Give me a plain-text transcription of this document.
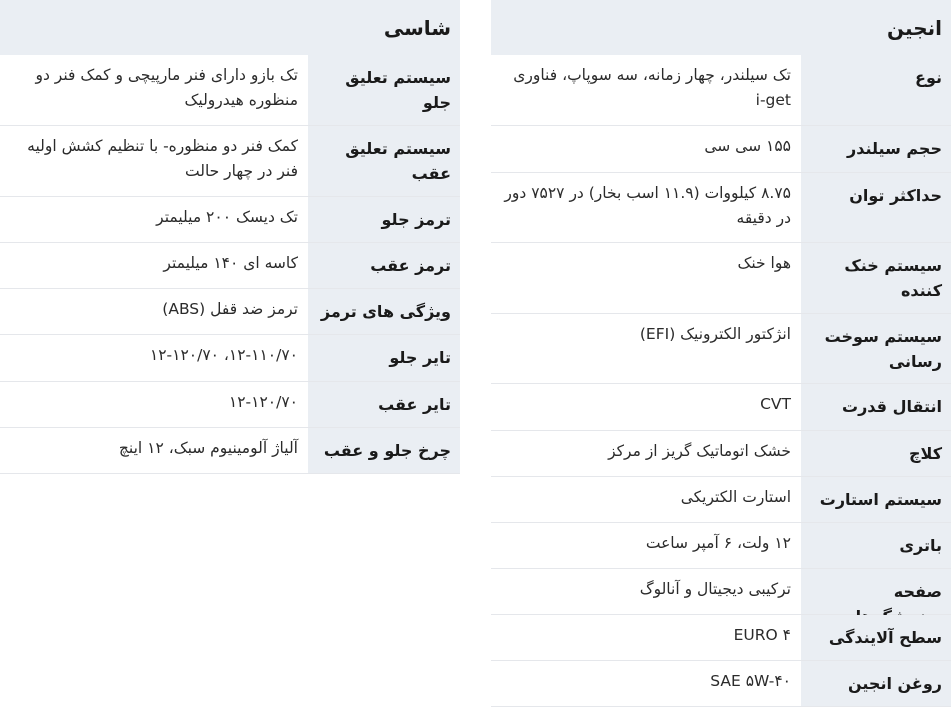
انجین
نوع
تک سیلندر، چهار زمانه، سه سوپاپ، فناوری i-get
حجم سیلندر
۱۵۵ سی سی
حداکثر توان
۸.۷۵ کیلووات (۱۱.۹ اسب بخار) در ۷۵۲۷ دور در دقیقه
سیستم خنک کننده
هوا خنک
سیستم سوخت رسانی
انژکتور الکترونیک (EFI)
انتقال قدرت
CVT
کلاچ
خشک اتوماتیک گریز از مرکز
سیستم استارت
استارت الکتریکی
باتری
۱۲ ولت، ۶ آمپر ساعت
صفحه
ترکیبی دیجیتال و آنالوگ
سطح آلایندگی
EURO ۴
روغن انجین
SAE ۵W-۴۰
شاسی
سیستم تعلیق جلو
تک بازو دارای فنر مارپیچی و کمک فنر دو منظوره هیدرولیک
سیستم تعلیق عقب
کمک فنر دو منظوره- با تنظیم کشش اولیه فنر در چهار حالت
ترمز جلو
تک دیسک ۲۰۰ میلیمتر
ترمز عقب
کاسه ای ۱۴۰ میلیمتر
ویژگی های ترمز
ترمز ضد قفل (ABS)
تایر جلو
۱۲-۱۱۰/۷۰، ۱۲-۱۲۰/۷۰
تایر عقب
۱۲-۱۲۰/۷۰
چرخ جلو و عقب
آلیاژ آلومینیوم سبک، ۱۲ اینچ
